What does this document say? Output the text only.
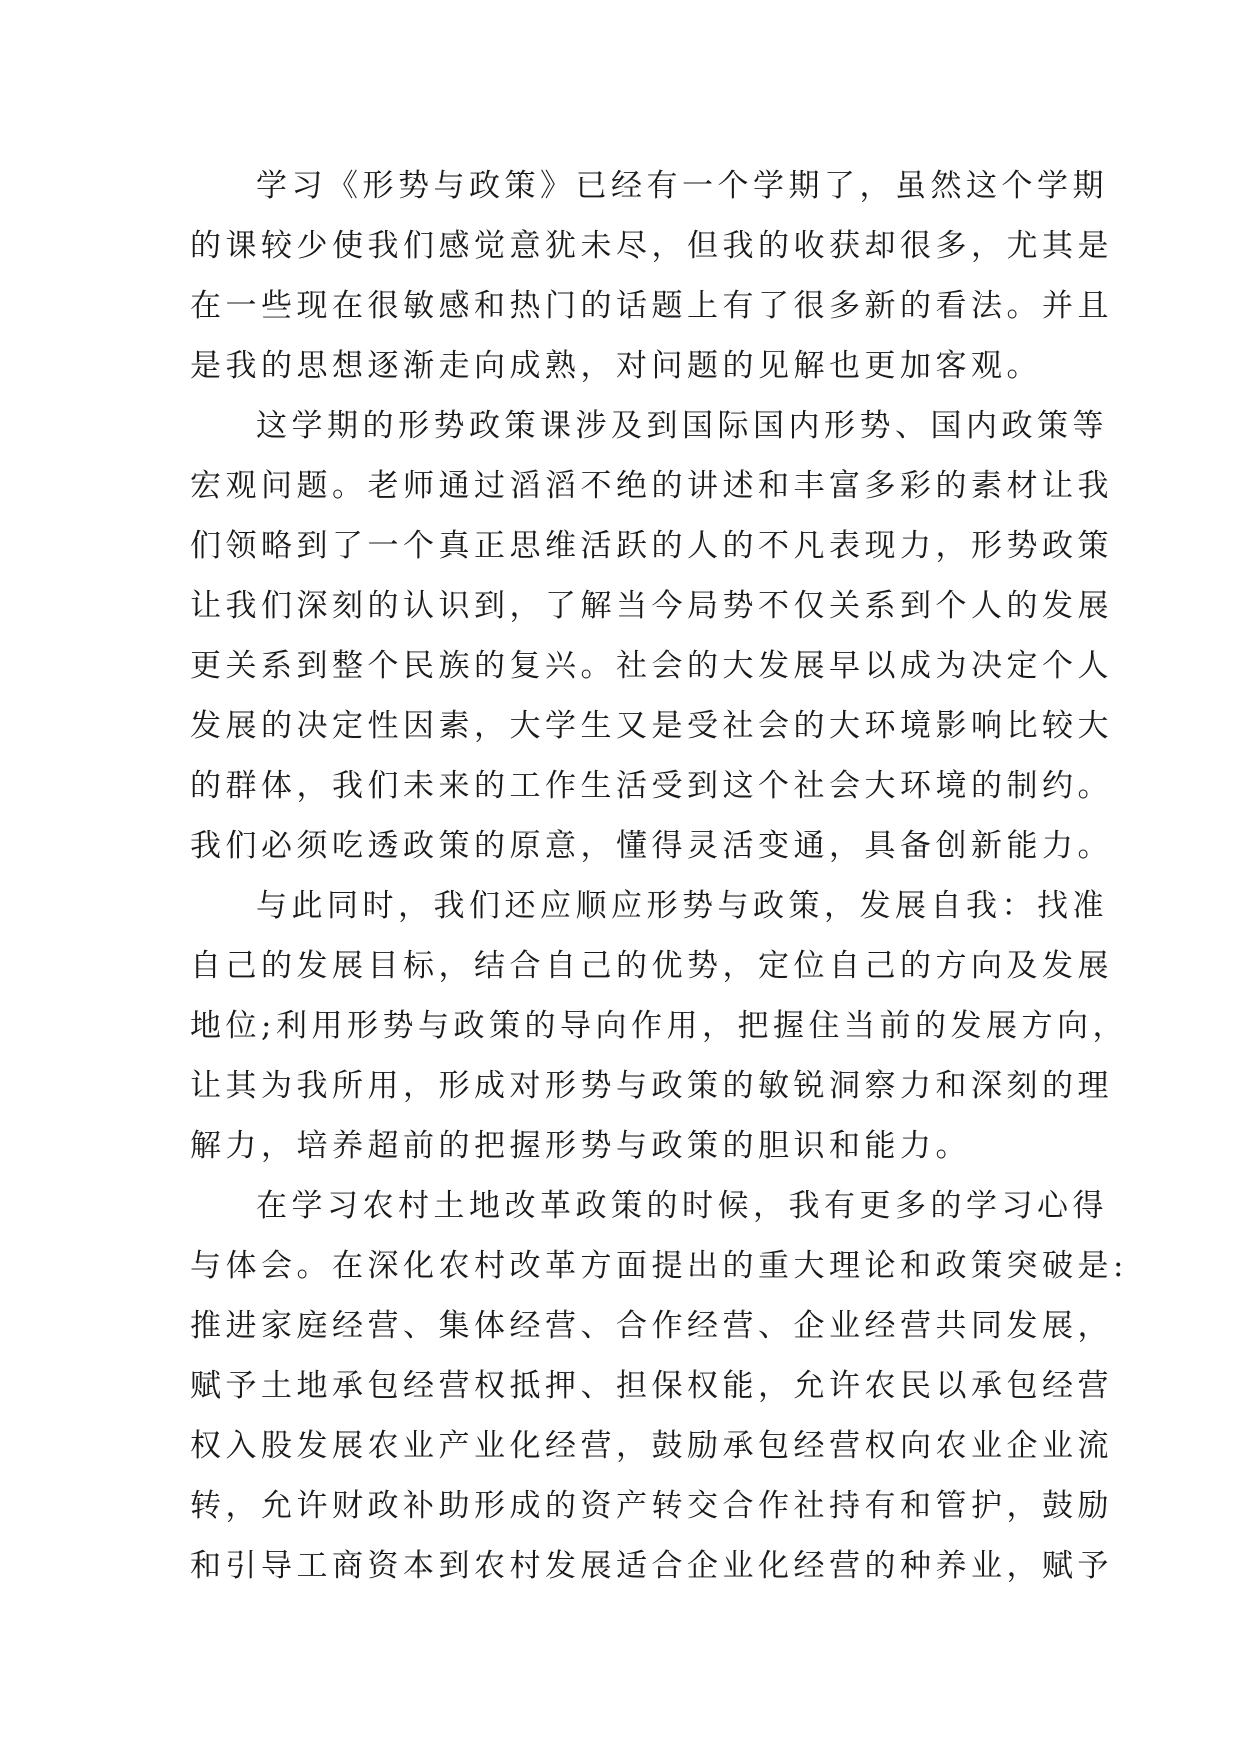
学习《形势与政策》已经有一个学期了，虽然这个学期
的课较少使我们感觉意犹未尽，但我的收获却很多，尤其是
在一些现在很敏感和热门的话题上有了很多新的看法。并且
是我的思想逐渐走向成熟，对问题的见解也更加客观。

这学期的形势政策课涉及到国际国内形势、国内政策等
宏观问题。老师通过滔滔不绝的讲述和丰富多彩的素材让我
们领略到了一个真正思维活跃的人的不凡表现力，形势政策
让我们深刻的认识到，了解当今局势不仅关系到个人的发展
更关系到整个民族的复兴。社会的大发展早以成为决定个人
发展的决定性因素，大学生又是受社会的大环境影响比较大
的群体，我们未来的工作生活受到这个社会大环境的制约。
我们必须吃透政策的原意，懂得灵活变通，具备创新能力。

与此同时，我们还应顺应形势与政策，发展自我：找准
自己的发展目标，结合自己的优势，定位自己的方向及发展
地位;利用形势与政策的导向作用，把握住当前的发展方向，
让其为我所用，形成对形势与政策的敏锐洞察力和深刻的理
解力，培养超前的把握形势与政策的胆识和能力。

在学习农村土地改革政策的时候，我有更多的学习心得
与体会。在深化农村改革方面提出的重大理论和政策突破是:
推进家庭经营、集体经营、合作经营、企业经营共同发展，
赋予土地承包经营权抵押、担保权能，允许农民以承包经营
权入股发展农业产业化经营，鼓励承包经营权向农业企业流
转，允许财政补助形成的资产转交合作社持有和管护，鼓励
和引导工商资本到农村发展适合企业化经营的种养业，赋予
